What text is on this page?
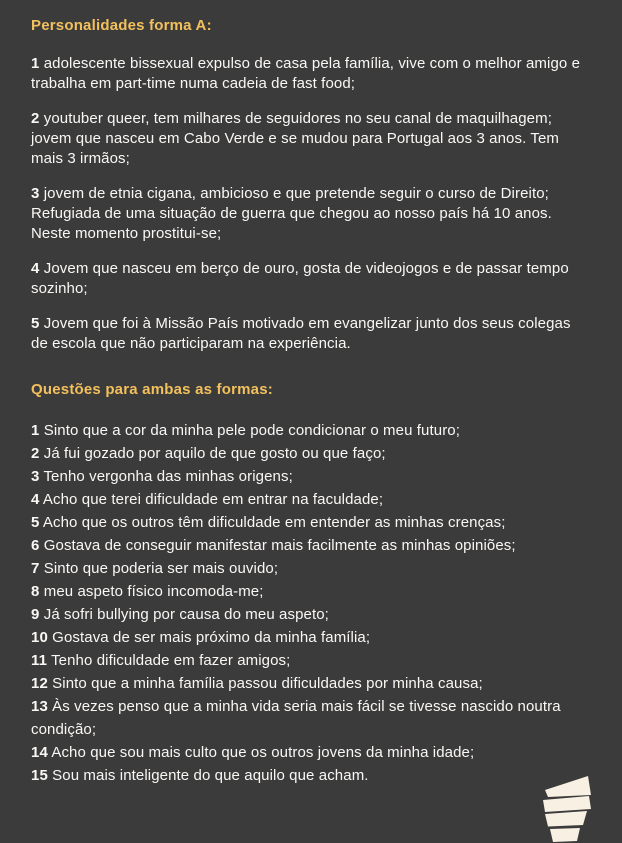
Personalidades forma A:

1 adolescente bissexual expulso de casa pela família, vive com o melhor amigo e trabalha em part-time numa cadeia de fast food;

2 youtuber queer, tem milhares de seguidores no seu canal de maquilhagem; jovem que nasceu em Cabo Verde e se mudou para Portugal aos 3 anos. Tem mais 3 irmãos;

3 jovem de etnia cigana, ambicioso e que pretende seguir o curso de Direito; Refugiada de uma situação de guerra que chegou ao nosso país há 10 anos. Neste momento prostitui-se;

4 Jovem que nasceu em berço de ouro, gosta de videojogos e de passar tempo sozinho;

5 Jovem que foi à Missão País motivado em evangelizar junto dos seus colegas de escola que não participaram na experiência.

Questões para ambas as formas:

1 Sinto que a cor da minha pele pode condicionar o meu futuro;

2 Já fui gozado por aquilo de que gosto ou que faço;

3 Tenho vergonha das minhas origens;

4 Acho que terei dificuldade em entrar na faculdade;

5 Acho que os outros têm dificuldade em entender as minhas crenças;

6 Gostava de conseguir manifestar mais facilmente as minhas opiniões;

7 Sinto que poderia ser mais ouvido;

8 meu aspeto físico incomoda-me;

9 Já sofri bullying por causa do meu aspeto;

10 Gostava de ser mais próximo da minha família;

11 Tenho dificuldade em fazer amigos;

12 Sinto que a minha família passou dificuldades por minha causa;

13 Às vezes penso que a minha vida seria mais fácil se tivesse nascido noutra condição;

14 Acho que sou mais culto que os outros jovens da minha idade;

15 Sou mais inteligente do que aquilo que acham.
